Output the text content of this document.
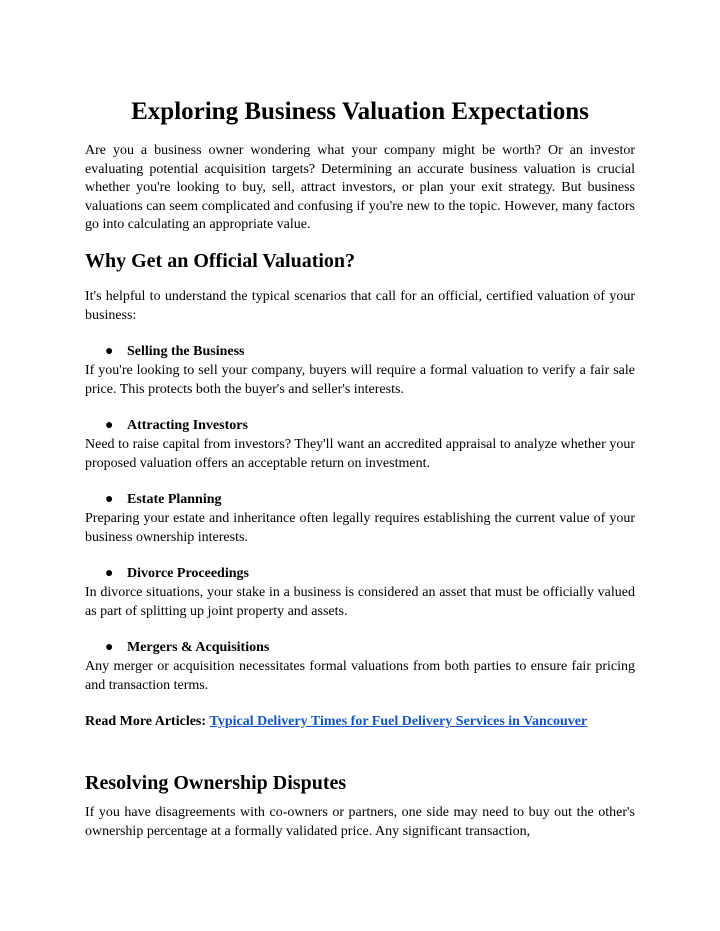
Exploring Business Valuation Expectations

Are you a business owner wondering what your company might be worth? Or an investor evaluating potential acquisition targets? Determining an accurate business valuation is crucial whether you're looking to buy, sell, attract investors, or plan your exit strategy. But business valuations can seem complicated and confusing if you're new to the topic. However, many factors go into calculating an appropriate value.

Why Get an Official Valuation?

It's helpful to understand the typical scenarios that call for an official, certified valuation of your business:

● Selling the Business

If you're looking to sell your company, buyers will require a formal valuation to verify a fair sale price. This protects both the buyer's and seller's interests.

● Attracting Investors

Need to raise capital from investors? They'll want an accredited appraisal to analyze whether your proposed valuation offers an acceptable return on investment.

● Estate Planning

Preparing your estate and inheritance often legally requires establishing the current value of your business ownership interests.

● Divorce Proceedings

In divorce situations, your stake in a business is considered an asset that must be officially valued as part of splitting up joint property and assets.

● Mergers & Acquisitions

Any merger or acquisition necessitates formal valuations from both parties to ensure fair pricing and transaction terms.

Read More Articles: Typical Delivery Times for Fuel Delivery Services in Vancouver

Resolving Ownership Disputes

If you have disagreements with co-owners or partners, one side may need to buy out the other's ownership percentage at a formally validated price. Any significant transaction,
